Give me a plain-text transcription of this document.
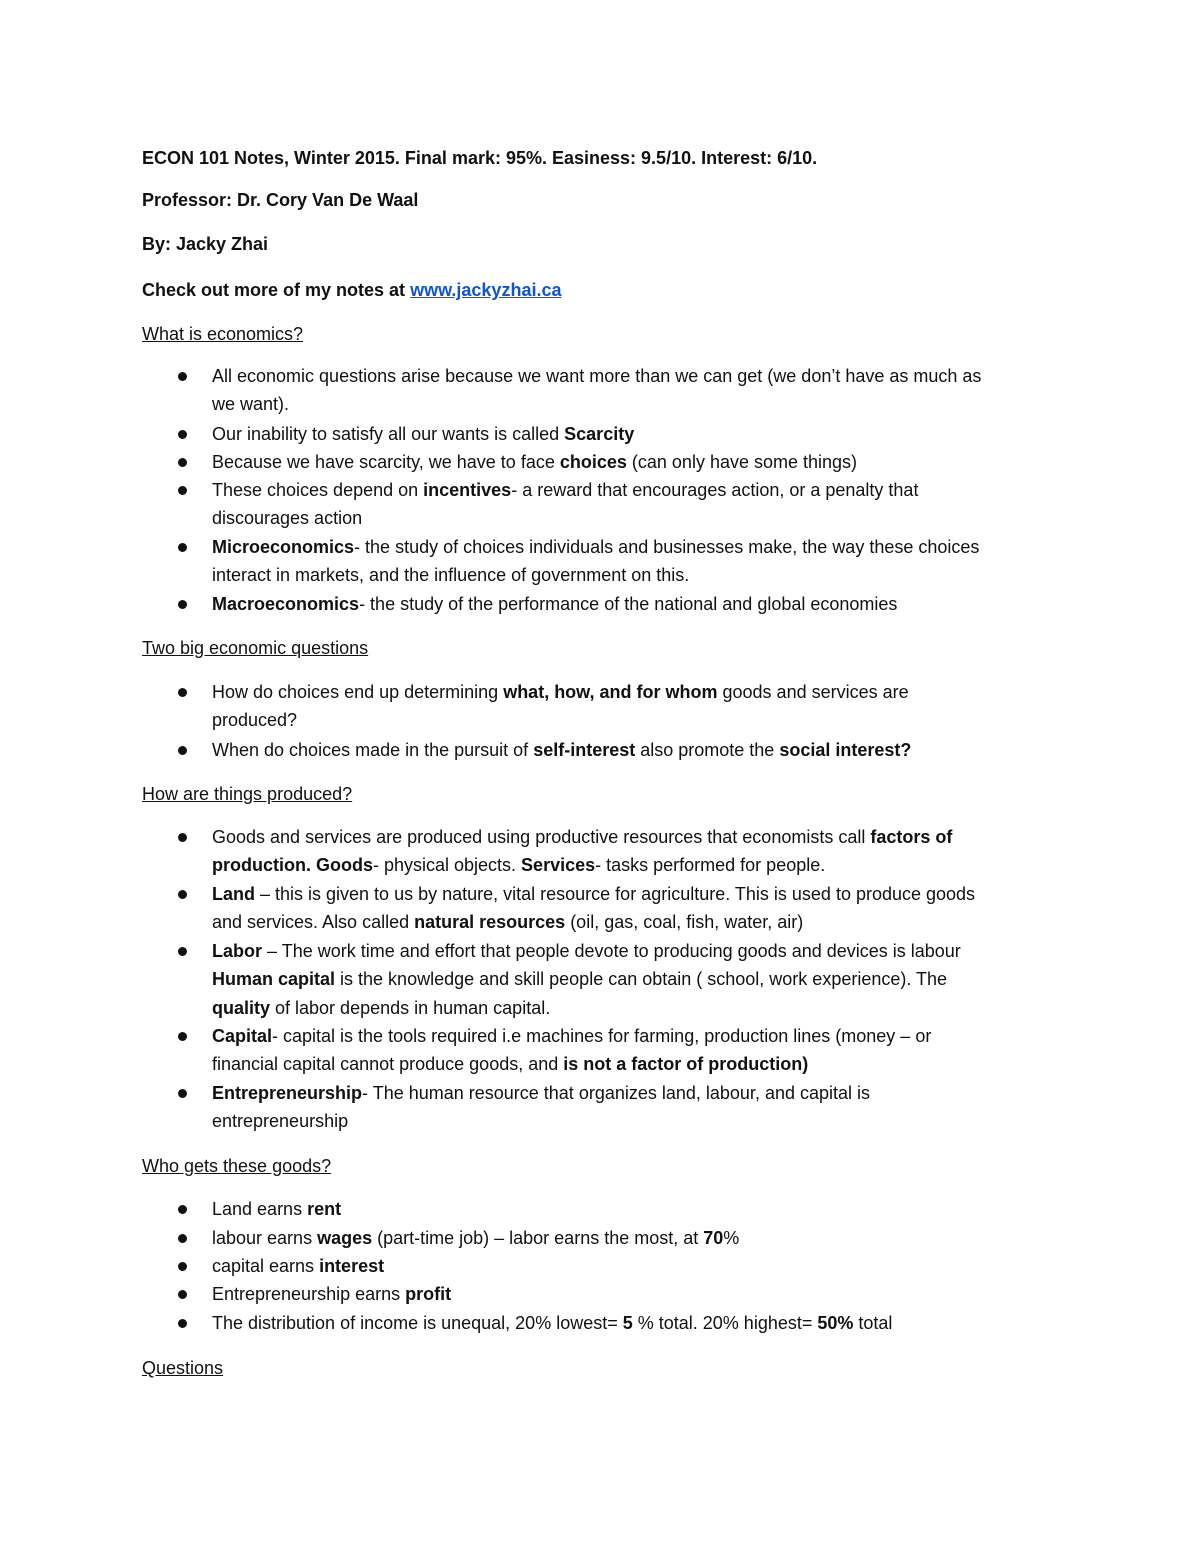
ECON 101 Notes, Winter 2015. Final mark: 95%. Easiness: 9.5/10. Interest: 6/10.
Professor: Dr. Cory Van De Waal
By: Jacky Zhai
Check out more of my notes at www.jackyzhai.ca
What is economics?
All economic questions arise because we want more than we can get (we don’t have as much as
we want).
Our inability to satisfy all our wants is called Scarcity
Because we have scarcity, we have to face choices (can only have some things)
These choices depend on incentives- a reward that encourages action, or a penalty that
discourages action
Microeconomics- the study of choices individuals and businesses make, the way these choices
interact in markets, and the influence of government on this.
Macroeconomics- the study of the performance of the national and global economies
Two big economic questions
How do choices end up determining what, how, and for whom goods and services are
produced?
When do choices made in the pursuit of self-interest also promote the social interest?
How are things produced?
Goods and services are produced using productive resources that economists call factors of
production. Goods- physical objects. Services- tasks performed for people.
Land – this is given to us by nature, vital resource for agriculture. This is used to produce goods
and services. Also called natural resources (oil, gas, coal, fish, water, air)
Labor – The work time and effort that people devote to producing goods and devices is labour
Human capital is the knowledge and skill people can obtain ( school, work experience). The
quality of labor depends in human capital.
Capital- capital is the tools required i.e machines for farming, production lines (money – or
financial capital cannot produce goods, and is not a factor of production)
Entrepreneurship- The human resource that organizes land, labour, and capital is
entrepreneurship
Who gets these goods?
Land earns rent
labour earns wages (part-time job) – labor earns the most, at 70%
capital earns interest
Entrepreneurship earns profit
The distribution of income is unequal, 20% lowest= 5 % total. 20% highest= 50% total
Questions
